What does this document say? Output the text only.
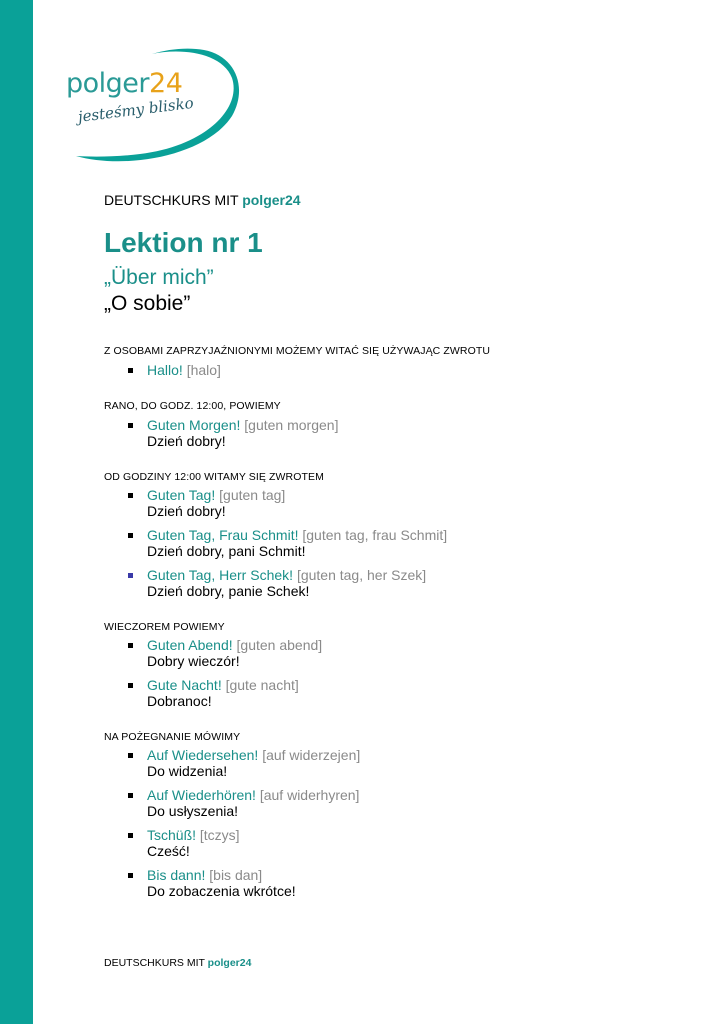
polger24
jesteśmy blisko
DEUTSCHKURS MIT polger24
Lektion nr 1
„Über mich”
„O sobie”
Z OSOBAMI ZAPRZYJAŹNIONYMI MOŻEMY WITAĆ SIĘ UŻYWAJĄC ZWROTU
Hallo! [halo]
RANO, DO GODZ. 12:00, POWIEMY
Guten Morgen! [guten morgen]
Dzień dobry!
OD GODZINY 12:00 WITAMY SIĘ ZWROTEM
Guten Tag! [guten tag]
Dzień dobry!
Guten Tag, Frau Schmit! [guten tag, frau Schmit]
Dzień dobry, pani Schmit!
Guten Tag, Herr Schek! [guten tag, her Szek]
Dzień dobry, panie Schek!
WIECZOREM POWIEMY
Guten Abend! [guten abend]
Dobry wieczór!
Gute Nacht! [gute nacht]
Dobranoc!
NA POŻEGNANIE MÓWIMY
Auf Wiedersehen! [auf widerzejen]
Do widzenia!
Auf Wiederhören! [auf widerhyren]
Do usłyszenia!
Tschüß! [tczys]
Cześć!
Bis dann! [bis dan]
Do zobaczenia wkrótce!
DEUTSCHKURS MIT polger24
